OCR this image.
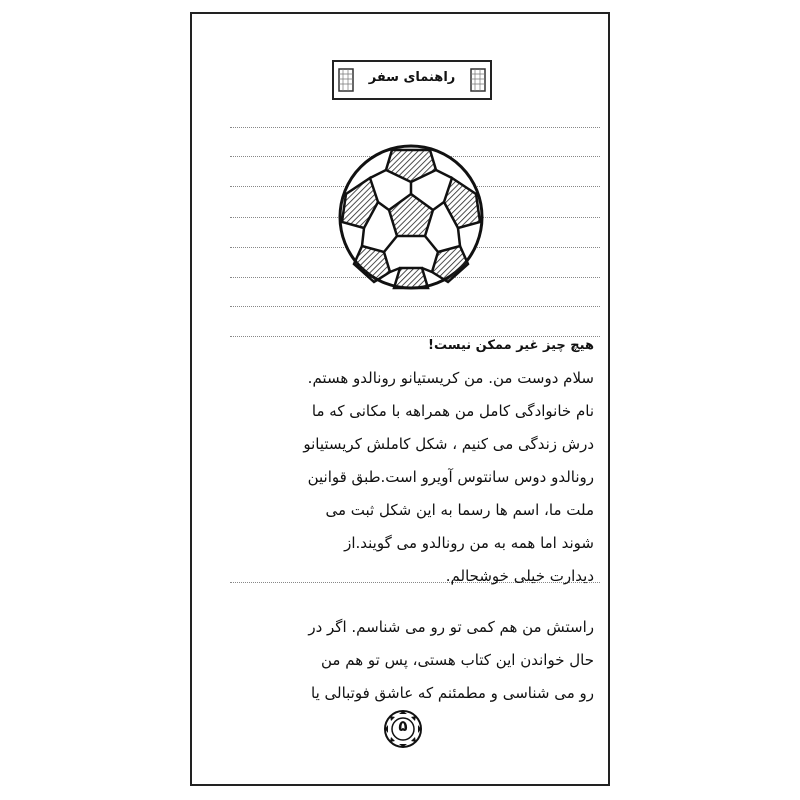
راهنمای سفر
هیچ چیز غیر ممکن نیست!
سلام دوست من. من کریستیانو رونالدو هستم.
نام خانوادگی کامل من همراهه با مکانی که ما
درش زندگی می کنیم ، شکل کاملش کریستیانو
رونالدو دوس سانتوس آویرو است.طبق قوانین
ملت ما، اسم ها رسما به این شکل ثبت می
شوند اما همه به من رونالدو می گویند.از
دیدارت خیلی خوشحالم.
راستش من هم کمی تو رو می شناسم. اگر در
حال خواندن این کتاب هستی، پس تو هم من
رو می شناسی و مطمئنم که عاشق فوتبالی یا
۵
